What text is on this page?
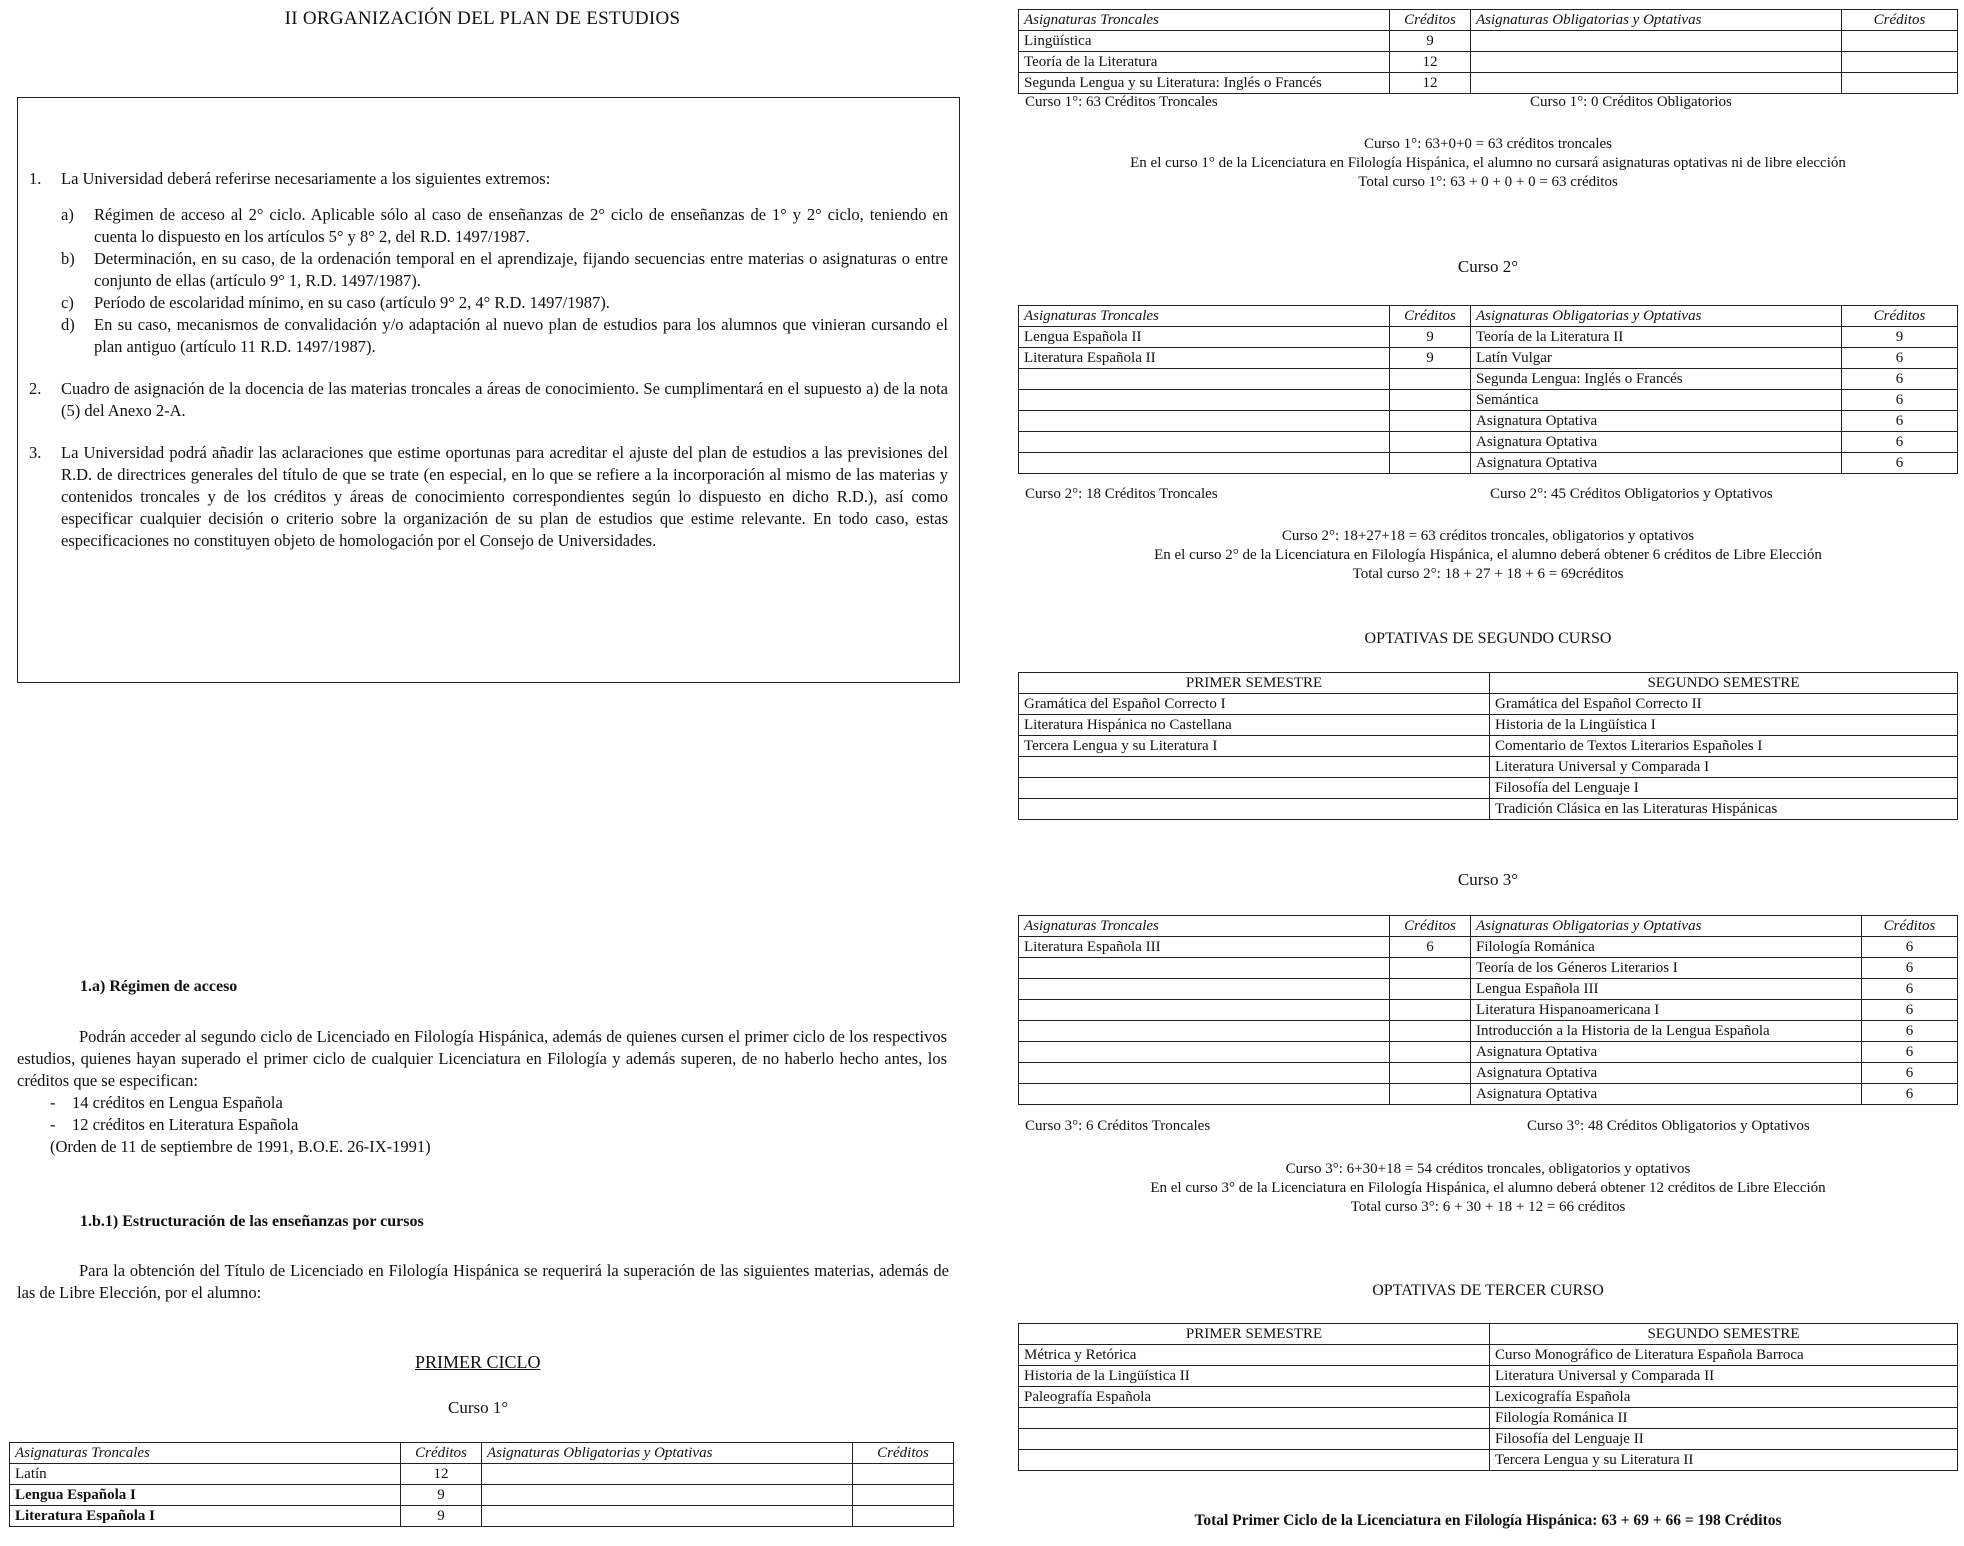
II ORGANIZACIÓN DEL PLAN DE ESTUDIOS
1.	La Universidad deberá referirse necesariamente a los siguientes extremos:
a)	Régimen de acceso al 2° ciclo. Aplicable sólo al caso de enseñanzas de 2° ciclo de enseñanzas de 1° y 2° ciclo, teniendo en cuenta lo dispuesto en los artículos 5° y 8° 2, del R.D. 1497/1987.
b)	Determinación, en su caso, de la ordenación temporal en el aprendizaje, fijando secuencias entre materias o asignaturas o entre conjunto de ellas (artículo 9° 1, R.D. 1497/1987).
c)	Período de escolaridad mínimo, en su caso (artículo 9° 2, 4° R.D. 1497/1987).
d)	En su caso, mecanismos de convalidación y/o adaptación al nuevo plan de estudios para los alumnos que vinieran cursando el plan antiguo (artículo 11 R.D. 1497/1987).
2.	Cuadro de asignación de la docencia de las materias troncales a áreas de conocimiento. Se cumplimentará en el supuesto a) de la nota (5) del Anexo 2-A.
3.	La Universidad podrá añadir las aclaraciones que estime oportunas para acreditar el ajuste del plan de estudios a las previsiones del R.D. de directrices generales del título de que se trate (en especial, en lo que se refiere a la incorporación al mismo de las materias y contenidos troncales y de los créditos y áreas de conocimiento correspondientes según lo dispuesto en dicho R.D.), así como especificar cualquier decisión o criterio sobre la organización de su plan de estudios que estime relevante. En todo caso, estas especificaciones no constituyen objeto de homologación por el Consejo de Universidades.
1.a) Régimen de acceso
Podrán acceder al segundo ciclo de Licenciado en Filología Hispánica, además de quienes cursen el primer ciclo de los respectivos estudios, quienes hayan superado el primer ciclo de cualquier Licenciatura en Filología y además superen, de no haberlo hecho antes, los créditos que se especifican:
-    14 créditos en Lengua Española
-    12 créditos en Literatura Española
(Orden de 11 de septiembre de 1991, B.O.E. 26-IX-1991)
1.b.1) Estructuración de las enseñanzas por cursos
Para la obtención del Título de Licenciado en Filología Hispánica se requerirá la superación de las siguientes materias, además de las de Libre Elección, por el alumno:
PRIMER CICLO
Curso 1°
Asignaturas Troncales	Créditos	Asignaturas Obligatorias y Optativas	Créditos
Latín	12		
Lengua Española I	9		
Literatura Española I	9		
Asignaturas Troncales	Créditos	Asignaturas Obligatorias y Optativas	Créditos
Lingüística	9		
Teoría de la Literatura	12		
Segunda Lengua y su Literatura: Inglés o Francés	12		
Curso 1°: 63 Créditos Troncales	Curso 1°: 0 Créditos Obligatorios
Curso 1°: 63+0+0 = 63 créditos troncales
En el curso 1° de la Licenciatura en Filología Hispánica, el alumno no cursará asignaturas optativas ni de libre elección
Total curso 1°: 63 + 0 + 0 + 0 = 63 créditos
Curso 2°
Asignaturas Troncales	Créditos	Asignaturas Obligatorias y Optativas	Créditos
Lengua Española II	9	Teoría de la Literatura II	9
Literatura Española II	9	Latín Vulgar	6
		Segunda Lengua: Inglés o Francés	6
		Semántica	6
		Asignatura Optativa	6
		Asignatura Optativa	6
		Asignatura Optativa	6
Curso 2°: 18 Créditos Troncales	Curso 2°: 45 Créditos Obligatorios y Optativos
Curso 2°: 18+27+18 = 63 créditos troncales, obligatorios y optativos
En el curso 2° de la Licenciatura en Filología Hispánica, el alumno deberá obtener 6 créditos de Libre Elección
Total curso 2°: 18 + 27 + 18 + 6 = 69créditos
OPTATIVAS DE SEGUNDO CURSO
PRIMER SEMESTRE	SEGUNDO SEMESTRE
Gramática del Español Correcto I	Gramática del Español Correcto II
Literatura Hispánica no Castellana	Historia de la Lingüística I
Tercera Lengua y su Literatura I	Comentario de Textos Literarios Españoles I
	Literatura Universal y Comparada I
	Filosofía del Lenguaje I
	Tradición Clásica en las Literaturas Hispánicas
Curso 3°
Asignaturas Troncales	Créditos	Asignaturas Obligatorias y Optativas	Créditos
Literatura Española III	6	Filología Románica	6
		Teoría de los Géneros Literarios I	6
		Lengua Española III	6
		Literatura Hispanoamericana I	6
		Introducción a la Historia de la Lengua Española	6
		Asignatura Optativa	6
		Asignatura Optativa	6
		Asignatura Optativa	6
Curso 3°: 6 Créditos Troncales	Curso 3°: 48 Créditos Obligatorios y Optativos
Curso 3°: 6+30+18 = 54 créditos troncales, obligatorios y optativos
En el curso 3° de la Licenciatura en Filología Hispánica, el alumno deberá obtener 12 créditos de Libre Elección
Total curso 3°: 6 + 30 + 18 + 12 = 66 créditos
OPTATIVAS DE TERCER CURSO
PRIMER SEMESTRE	SEGUNDO SEMESTRE
Métrica y Retórica	Curso Monográfico de Literatura Española Barroca
Historia de la Lingüística II	Literatura Universal y Comparada II
Paleografía Española	Lexicografía Española
	Filología Románica II
	Filosofía del Lenguaje II
	Tercera Lengua y su Literatura II
Total Primer Ciclo de la Licenciatura en Filología Hispánica: 63 + 69 + 66 = 198 Créditos
